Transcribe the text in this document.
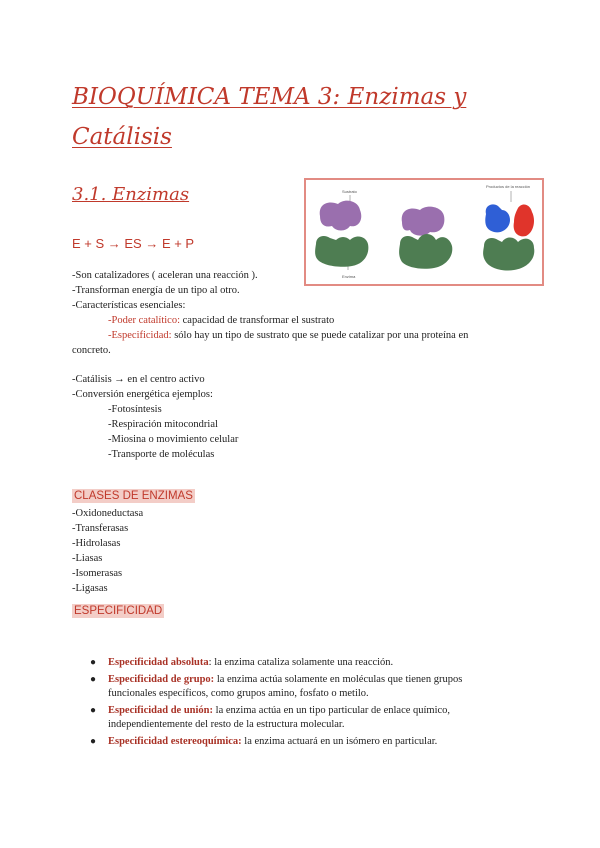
BIOQUÍMICA TEMA 3: Enzimas y
Catálisis
3.1. Enzimas	Sustrato
Enzima
Productos de la reacción
E + S → ES → E + P
-Son catalizadores ( aceleran una reacción ).
-Transforman energía de un tipo al otro.
-Características esenciales:
-Poder catalítico: capacidad de transformar el sustrato
-Especificidad: sólo hay un tipo de sustrato que se puede catalizar por una proteína en
concreto.
-Catálisis → en el centro activo
-Conversión energética ejemplos:
-Fotosíntesis
-Respiración mitocondrial
-Miosina o movimiento celular
-Transporte de moléculas
CLASES DE ENZIMAS
-Oxidoneductasa
-Transferasas
-Hidrolasas
-Liasas
-Isomerasas
-Ligasas
ESPECIFICIDAD
● Especificidad absoluta: la enzima cataliza solamente una reacción.
● Especificidad de grupo: la enzima actúa solamente en moléculas que tienen grupos funcionales específicos, como grupos amino, fosfato o metilo.
● Especificidad de unión: la enzima actúa en un tipo particular de enlace químico, independientemente del resto de la estructura molecular.
● Especificidad estereoquímica: la enzima actuará en un isómero en particular.
